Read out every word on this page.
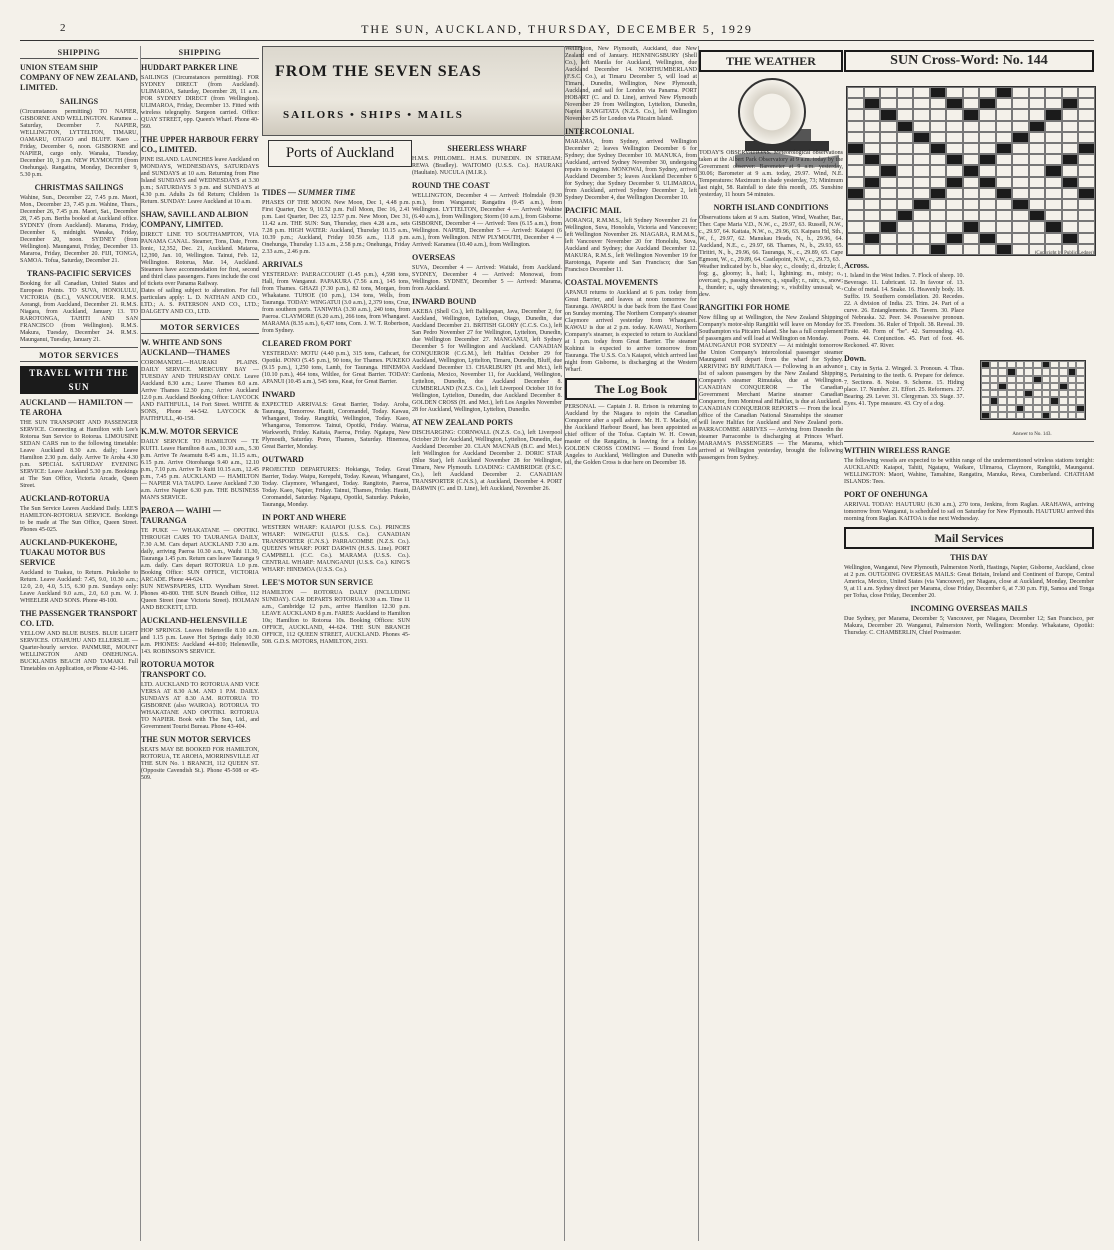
2	THE SUN, AUCKLAND, THURSDAY, DECEMBER 5, 1929
SHIPPING
UNION STEAM SHIP COMPANY OF NEW ZEALAND, LIMITED.
SAILINGS
(Circumstances permitting) TO NAPIER, GISBORNE AND WELLINGTON. Karamea ... Saturday, December 7. NAPIER, WELLINGTON, LYTTELTON, TIMARU, OAMARU, OTAGO and BLUFF. Kaeo ... Friday, December 6, noon. GISBORNE and NAPIER, cargo only. Wanaka, Tuesday, December 10, 3 p.m. NEW PLYMOUTH (from Onehunga). Rangatira, Monday, December 9, 5.30 p.m.
CHRISTMAS SAILINGS
Wahine, Sun., December 22, 7.45 p.m. Maori, Mon., December 23, 7.45 p.m. Wahine, Thurs., December 26, 7.45 p.m. Maori, Sat., December 28, 7.45 p.m. Berths booked at Auckland office. SYDNEY (from Auckland). Marama, Friday, December 6, midnight. Wanaka, Friday, December 20, noon. SYDNEY (from Wellington). Maunganui, Friday, December 13. Mararoa, Friday, December 20. FIJI, TONGA, SAMOA. Tofua, Saturday, December 21.
TRANS-PACIFIC SERVICES
Booking for all Canadian, United States and European Points. TO SUVA, HONOLULU, VICTORIA (B.C.), VANCOUVER. R.M.S. Aorangi, from Auckland, December 21. R.M.S. Niagara, from Auckland, January 13. TO RAROTONGA, TAHITI AND SAN FRANCISCO (from Wellington). R.M.S. Makura, Tuesday, December 24. R.M.S. Maunganui, Tuesday, January 21.
MOTOR SERVICES
TRAVEL WITH THE SUN
AUCKLAND — HAMILTON — TE AROHA
THE SUN TRANSPORT AND PASSENGER SERVICE. Connecting at Hamilton with Lee's Rotorua Sun Service to Rotorua. LIMOUSINE SEDAN CARS run to the following timetable: Leave Auckland 8.30 a.m. daily; Leave Hamilton 2.30 p.m. daily. Arrive Te Aroha 4.30 p.m. SPECIAL SATURDAY EVENING SERVICE: Leave Auckland 5.30 p.m. Bookings at The Sun Office, Victoria Arcade, Queen Street.
AUCKLAND-ROTORUA
The Sun Service Leaves Auckland Daily. LEE'S HAMILTON-ROTORUA SERVICE. Bookings to be made at The Sun Office, Queen Street. Phones 45-025.
AUCKLAND-PUKEKOHE, TUAKAU MOTOR BUS SERVICE
Auckland to Tuakau, to Return. Pukekohe to Return. Leave Auckland: 7.45, 9.0, 10.30 a.m.; 12.0, 2.0, 4.0, 5.15, 6.30 p.m. Sundays only: Leave Auckland 9.0 a.m., 2.0, 6.0 p.m. W. J. WHEELER AND SONS. Phone 48-100.
THE PASSENGER TRANSPORT CO. LTD.
YELLOW AND BLUE BUSES. BLUE LIGHT SERVICES. OTAHUHU AND ELLERSLIE — Quarter-hourly service. PANMURE, MOUNT WELLINGTON AND ONEHUNGA. BUCKLANDS BEACH AND TAMAKI. Full Timetables on Application, or Phone 42-146.
SHIPPING
HUDDART PARKER LINE
SAILINGS (Circumstances permitting). FOR SYDNEY DIRECT (from Auckland). ULIMAROA, Saturday, December 28, 11 a.m. FOR SYDNEY DIRECT (from Wellington). ULIMAROA, Friday, December 13. Fitted with wireless telegraphy. Surgeon carried. Office: QUAY STREET, opp. Queen's Wharf. Phone 40-560.
THE UPPER HARBOUR FERRY CO., LIMITED.
PINE ISLAND. LAUNCHES leave Auckland on MONDAYS, WEDNESDAYS, SATURDAYS and SUNDAYS at 10 a.m. Returning from Pine Island SUNDAYS and WEDNESDAYS at 3.30 p.m.; SATURDAYS 3 p.m. and SUNDAYS at 4.30 p.m. Adults 2s 6d Return; Children 1s Return. SUNDAY: Leave Auckland at 10 a.m.
SHAW, SAVILL AND ALBION COMPANY, LIMITED.
DIRECT LINE TO SOUTHAMPTON, VIA PANAMA CANAL. Steamer, Tons, Date, From. Ionic, 12,352, Dec. 21, Auckland. Mataroa, 12,390, Jan. 10, Wellington. Tainui, Feb. 12, Wellington. Rotorua, Mar. 14, Auckland. Steamers have accommodation for first, second and third class passengers. Fares include the cost of tickets over Panama Railway.
Dates of sailing subject to alteration. For full particulars apply: L. D. NATHAN AND CO., LTD.; A. S. PATERSON AND CO., LTD.; DALGETY AND CO., LTD.
MOTOR SERVICES
W. WHITE AND SONS AUCKLAND—THAMES
COROMANDEL—HAURAKI PLAINS. DAILY SERVICE. MERCURY BAY — TUESDAY AND THURSDAY ONLY. Leave Auckland 8.30 a.m.; Leave Thames 8.0 a.m. Arrive Thames 12.30 p.m.; Arrive Auckland 12.0 p.m. Auckland Booking Office: LAYCOCK AND FAITHFULL, 14 Fort Street. WHITE & SONS, Phone 44-542. LAYCOCK & FAITHFULL, 40-158.
K.M.W. MOTOR SERVICE
DAILY SERVICE TO HAMILTON — TE KUITI. Leave Hamilton 8 a.m., 10.30 a.m., 5.30 p.m. Arrive Te Awamutu 8.45 a.m., 11.15 a.m., 6.15 p.m. Arrive Otorohanga 9.40 a.m., 12.10 p.m., 7.10 p.m. Arrive Te Kuiti 10.15 a.m., 12.45 p.m., 7.45 p.m. AUCKLAND — HAMILTON — NAPIER VIA TAUPO. Leave Auckland 7.30 a.m. Arrive Napier 6.30 p.m. THE BUSINESS MAN'S SERVICE.
PAEROA — WAIHI — TAURANGA
TE PUKE — WHAKATANE — OPOTIKI. THROUGH CARS TO TAURANGA DAILY, 7.30 A.M. Cars depart AUCKLAND 7.30 a.m. daily, arriving Paeroa 10.30 a.m., Waihi 11.30, Tauranga 1.45 p.m. Return cars leave Tauranga 9 a.m. daily. Cars depart ROTORUA 1.0 p.m. Booking Office: SUN OFFICE, VICTORIA ARCADE. Phone 44-624.
SUN NEWSPAPERS, LTD. Wyndham Street. Phones 40-800. THE SUN Branch Office, 112 Queen Street (near Victoria Street). HOLMAN AND BECKETT, LTD.
AUCKLAND-HELENSVILLE
HOP SPRINGS. Leaves Helensville 8.10 a.m. and 1.15 p.m. Leave Hot Springs daily 10.30 a.m. PHONES: Auckland 44-810; Helensville, 143. ROBINSON'S SERVICE.
ROTORUA MOTOR TRANSPORT CO.
LTD. AUCKLAND TO ROTORUA AND VICE VERSA AT 8.30 A.M. AND 1 P.M. DAILY. SUNDAYS AT 8.30 A.M. ROTORUA TO GISBORNE (also WAIROA). ROTORUA TO WHAKATANE AND OPOTIKI. ROTORUA TO NAPIER. Book with The Sun, Ltd., and Government Tourist Bureau. Phone 43-404.
THE SUN MOTOR SERVICES
SEATS MAY BE BOOKED FOR HAMILTON, ROTORUA, TE AROHA, MORRINSVILLE AT THE SUN No. 1 BRANCH, 112 QUEEN ST. (Opposite Cavendish St.). Phone 45-508 or 45-509.
FROM THE SEVEN SEAS
SAILORS • SHIPS • MAILS
TIDES — SUMMER TIME
PHASES OF THE MOON. New Moon, Dec 1, 4.48 p.m. First Quarter, Dec 9, 10.52 p.m. Full Moon, Dec 16, 2.41 p.m. Last Quarter, Dec 23, 12.57 p.m. New Moon, Dec 31, 11.42 a.m. THE SUN: Sun, Thursday, rises 4.28 a.m., sets 7.28 p.m. HIGH WATER: Auckland, Thursday 10.15 a.m., 10.39 p.m.; Auckland, Friday 10.56 a.m., 11.8 p.m. Onehunga, Thursday 1.13 a.m., 2.58 p.m.; Onehunga, Friday 2.33 a.m., 2.46 p.m.
ARRIVALS
YESTERDAY: PAERACCOURT (1.45 p.m.), 4,598 tons, Hall, from Wanganui. PAPAKURA (7.56 a.m.), 145 tons, from Thames. GHAZI (7.30 p.m.), 82 tons, Morgan, from Whakatane. TUHOE (10 p.m.), 134 tons, Wells, from Tauranga. TODAY: WINGATUI (3.0 a.m.), 2,379 tons, Cruz, from southern ports. TANIWHA (3.30 a.m.), 240 tons, from Paeroa. CLAYMORE (6.20 a.m.), 266 tons, from Whangarei. MARAMA (8.35 a.m.), 6,437 tons, Com. J. W. T. Robertson, from Sydney.
CLEARED FROM PORT
YESTERDAY: MOTU (4.40 p.m.), 315 tons, Cathcart, for Opotiki. PONO (5.45 p.m.), 90 tons, for Thames. PUKEKO (9.15 p.m.), 1,250 tons, Lamb, for Tauranga. HINEMOA (10.10 p.m.), 464 tons, Wiltlee, for Great Barrier. TODAY: APANUI (10.45 a.m.), 545 tons, Keat, for Great Barrier.
INWARD
EXPECTED ARRIVALS: Great Barrier, Today. Aroha, Tauranga, Tomorrow. Hauiti, Coromandel, Today. Kawau, Whangarei, Today. Rangitiki, Wellington, Today. Kaeo, Whangaroa, Tomorrow. Tainui, Opotiki, Friday. Wairua, Warkworth, Friday. Kaitaia, Paeroa, Friday. Ngatapu, New Plymouth, Saturday. Pono, Thames, Saturday. Hinemoa, Great Barrier, Monday.
OUTWARD
PROJECTED DEPARTURES: Hokianga, Today. Great Barrier, Today. Waipu, Kerepehi, Today. Kawau, Whangarei, Today. Claymore, Whangarei, Today. Rangitoto, Paeroa, Today. Kaeo, Napier, Friday. Tainui, Thames, Friday. Hauiti, Coromandel, Saturday. Ngatapu, Opotiki, Saturday. Pukeko, Tauranga, Monday.
IN PORT AND WHERE
WESTERN WHARF: KAIAPOI (U.S.S. Co.). PRINCES WHARF: WINGATUI (U.S.S. Co.). CANADIAN TRANSPORTER (C.N.S.). PARRACOMBE (N.Z.S. Co.). QUEEN'S WHARF: PORT DARWIN (H.S.S. Line). PORT CAMPBELL (C.C. Co.). MARAMA (U.S.S. Co.). CENTRAL WHARF: MAUNGANUI (U.S.S. Co.). KING'S WHARF: HINEMOA (U.S.S. Co.).
LEE'S MOTOR SUN SERVICE
HAMILTON — ROTORUA DAILY (INCLUDING SUNDAY). CAR DEPARTS ROTORUA 9.30 a.m. Time 11 a.m., Cambridge 12 p.m., arrive Hamilton 12.30 p.m. LEAVE AUCKLAND 8 p.m. FARES: Auckland to Hamilton 10s; Hamilton to Rotorua 10s. Booking Offices: SUN OFFICE, AUCKLAND, 44-624. THE SUN BRANCH OFFICE, 112 QUEEN STREET, AUCKLAND. Phones 45-508. G.D.S. MOTORS, HAMILTON, 2193.
Ports of Auckland	SHEERLESS WHARF
H.M.S. PHILOMEL. H.M.S. DUNEDIN. IN STREAM: REWA (Bradley). WAITOMO (U.S.S. Co.). HAURAKI (Haultain). NUCULA (M.I.R.).
ROUND THE COAST
WELLINGTON, December 4 — Arrived: Holmdale (9.30 p.m.), from Wanganui; Rangatira (9.45 a.m.), from Wellington. LYTTELTON, December 4 — Arrived: Wahine (6.40 a.m.), from Wellington; Storm (10 a.m.), from Gisborne. GISBORNE, December 4 — Arrived: Tees (6.15 a.m.), from Wellington. NAPIER, December 5 — Arrived: Kaiapoi (6 a.m.), from Wellington. NEW PLYMOUTH, December 4 — Arrived: Karamea (10.40 a.m.), from Wellington.
OVERSEAS
SUVA, December 4 — Arrived: Waitaki, from Auckland. SYDNEY, December 4 — Arrived: Monowai, from Wellington. SYDNEY, December 5 — Arrived: Marama, from Auckland.
INWARD BOUND
AKEBA (Shell Co.), left Balikpapan, Java, December 2, for Auckland, Wellington, Lyttelton, Otago, Dunedin, due Auckland December 21. BRITISH GLORY (C.C.S. Co.), left San Pedro November 27 for Wellington, Lyttelton, Dunedin, due Wellington December 27. MANGANUI, left Sydney December 5 for Wellington and Auckland. CANADIAN CONQUEROR (C.G.M.), left Halifax October 29 for Auckland, Wellington, Lyttelton, Timaru, Dunedin, Bluff, due Auckland December 13. CHARLBURY (H. and Mct.), left Cardonia, Mexico, November 11, for Auckland, Wellington, Lyttelton, Dunedin, due Auckland December 8. CUMBERLAND (N.Z.S. Co.), left Liverpool October 18 for Wellington, Lyttelton, Dunedin, due Auckland December 8. GOLDEN CROSS (H. and Mct.), left Los Angeles November 28 for Auckland, Wellington, Lyttelton, Dunedin.
AT NEW ZEALAND PORTS
DISCHARGING: CORNWALL (N.Z.S. Co.), left Liverpool October 20 for Auckland, Wellington, Lyttelton, Dunedin, due Auckland December 20. CLAN MACNAB (B.C. and Mct.), left Wellington for Auckland December 2. DORIC STAR (Blue Star), left Auckland November 28 for Wellington, Timaru, New Plymouth. LOADING: CAMBRIDGE (F.S.C. Co.), left Auckland December 2. CANADIAN TRANSPORTER (C.N.S.), at Auckland, December 4. PORT DARWIN (C. and D. Line), left Auckland, November 26.
Wellington, New Plymouth, Auckland, due New Zealand end of January. HENNINGSBURY (Shell Co.), left Manila for Auckland, Wellington, due Auckland December 14. NORTHUMBERLAND (F.S.C. Co.), at Timaru December 5, will load at Timaru, Dunedin, Wellington, New Plymouth, Auckland, and sail for London via Panama. PORT HOBART (C. and D. Line), arrived New Plymouth November 29 from Wellington, Lyttelton, Dunedin, Napier. RANGITATA (N.Z.S. Co.), left Wellington November 25 for London via Pitcairn Island.
INTERCOLONIAL
MARAMA, from Sydney, arrived Wellington December 2; leaves Wellington December 6 for Sydney; due Sydney December 10. MANUKA, from Auckland, arrived Sydney November 30, undergoing repairs to engines. MONOWAI, from Sydney, arrived Auckland December 5; leaves Auckland December 6 for Sydney; due Sydney December 9. ULIMAROA, from Auckland, arrived Sydney December 2, left Sydney December 4, due Wellington December 10.
PACIFIC MAIL
AORANGI, R.M.M.S., left Sydney November 21 for Wellington, Suva, Honolulu, Victoria and Vancouver; left Wellington November 26. NIAGARA, R.M.M.S., left Vancouver November 20 for Honolulu, Suva, Auckland and Sydney; due Auckland December 12. MAKURA, R.M.S., left Wellington November 19 for Rarotonga, Papeete and San Francisco; due San Francisco December 11.
COASTAL MOVEMENTS
APANUI returns to Auckland at 6 p.m. today from Great Barrier, and leaves at noon tomorrow for Tauranga. AWAROU is due back from the East Coast on Sunday morning. The Northern Company's steamer Claymore arrived yesterday from Whangarei. KAWAU is due at 2 p.m. today. KAWAU, Northern Company's steamer, is expected to return to Auckland at 1 p.m. today from Great Barrier. The steamer Kohinui is expected to arrive tomorrow from Tauranga. The U.S.S. Co.'s Kaiapoi, which arrived last night from Gisborne, is discharging at the Western Wharf.
The Log Book
PERSONAL — Captain J. R. Erison is returning to Auckland by the Niagara to rejoin the Canadian Conqueror after a spell ashore. Mr. H. T. Mackie, of the Auckland Harbour Board, has been appointed as chief officer of the Tofua. Captain W. H. Cowan, master of the Rangatira, is leaving for a holiday. GOLDEN CROSS COMING — Bound from Los Angeles to Auckland, Wellington and Dunedin with oil, the Golden Cross is due here on December 18.
THE WEATHER
TODAY'S OBSERVATIONS. Meteorological observations taken at the Albert Park Observatory at 9 a.m. today by the Government observer: Barometer at 9 a.m. yesterday, 30.06; Barometer at 9 a.m. today, 29.97. Wind, N.E. Temperatures: Maximum in shade yesterday, 73; Minimum last night, 58. Rainfall to date this month, .05. Sunshine yesterday, 11 hours 54 minutes.
NORTH ISLAND CONDITIONS
Observations taken at 9 a.m. Station, Wind, Weather, Bar., Ther. Cape Maria V.D., N.W., c., 29.97, 63. Russell, N.W., c., 29.97, 64. Kaitaia, N.W., o., 29.96, 63. Kaipara Hd, Sth., W., f., 29.97, 62. Manukau Heads, N., b., 29.96, 64. Auckland, N.E., c., 29.97, 68. Thames, N., b., 29.93, 65. Tiritiri, N., b., 29.96, 66. Tauranga, N., c., 29.89, 65. Cape Egmont, W., c., 29.89, 64. Castlepoint, N.W., c., 29.73, 63.
Weather indicated by: b., blue sky; c., cloudy; d., drizzle; f., fog; g., gloomy; h., hail; l., lightning; m., misty; o., overcast; p., passing showers; q., squally; r., rain; s., snow; t., thunder; u., ugly threatening; v., visibility unusual; w., dew.
RANGITIKI FOR HOME
Now filling up at Wellington, the New Zealand Shipping Company's motor-ship Rangitiki will leave on Monday for Southampton via Pitcairn Island. She has a full complement of passengers and will load at Wellington on Monday.
MAUNGANUI FOR SYDNEY — At midnight tomorrow the Union Company's intercolonial passenger steamer Maunganui will depart from the wharf for Sydney. ARRIVING BY RIMUTAKA — Following is an advance list of saloon passengers by the New Zealand Shipping Company's steamer Rimutaka, due at Wellington. CANADIAN CONQUEROR — The Canadian Government Merchant Marine steamer Canadian Conqueror, from Montreal and Halifax, is due at Auckland.
CANADIAN CONQUEROR REPORTS — From the local office of the Canadian National Steamships the steamer will leave Halifax for Auckland and New Zealand ports. PARRACOMBE ARRIVES — Arriving from Dunedin the steamer Parracombe is discharging at Princes Wharf. MARAMA'S PASSENGERS — The Marama, which arrived at Wellington yesterday, brought the following passengers from Sydney.
SUN Cross-Word: No. 144
(Copyright by Public Ledger)
Across.
1. Island in the West Indies. 7. Flock of sheep. 10. Beverage. 11. Lubricant. 12. In favour of. 13. Cube of metal. 14. Snake. 16. Heavenly body. 18. Suffix. 19. Southern constellation. 20. Recedes. 22. A division of India. 23. Trim. 24. Part of a curve. 26. Entanglements. 28. Tavern. 30. Place of Nebraska. 32. Peer. 34. Possessive pronoun. 35. Freedom. 36. Ruler of Tripoli. 38. Reveal. 39. Finite. 40. Form of "be". 42. Surrounding. 43. Poem. 44. Conjunction. 45. Part of foot. 46. Reckoned. 47. River.
Down.
1. City in Syria. 2. Winged. 3. Pronoun. 4. Thus. 5. Pertaining to the teeth. 6. Prepare for defence. 7. Sections. 8. Noise. 9. Scheme. 15. Hiding place. 17. Number. 21. Effort. 25. Reformers. 27. Bearing. 29. Lever. 31. Clergyman. 33. Stage. 37. Eyes. 41. Type measure. 43. Cry of a dog.
Answer to No. 143.
WITHIN WIRELESS RANGE
The following vessels are expected to be within range of the undermentioned wireless stations tonight: AUCKLAND: Kaiapoi, Tahiti, Ngatapu, Waikare, Ulimaroa, Claymore, Rangitiki, Maunganui. WELLINGTON: Maori, Wahine, Tamahine, Rangatira, Manuka, Rewa, Cumberland. CHATHAM ISLANDS: Tees.
PORT OF ONEHUNGA
ARRIVAL TODAY: HAUTURU (6.30 a.m.), 270 tons, Jenkins, from Raglan. ARAHAWA, arriving tomorrow from Wanganui, is scheduled to sail on Saturday for New Plymouth. HAUTURU arrived this morning from Raglan. KAITOA is due next Wednesday.
Mail Services
THIS DAY
Wellington, Wanganui, New Plymouth, Palmerston North, Hastings, Napier, Gisborne, Auckland, close at 2 p.m. OUTGOING OVERSEAS MAILS: Great Britain, Ireland and Continent of Europe, Central America, Mexico, United States (via Vancouver), per Niagara, close at Auckland, Monday, December 9, at 11 a.m. Sydney direct per Marama, close Friday, December 6, at 7.30 p.m. Fiji, Samoa and Tonga per Tofua, close Friday, December 20.
INCOMING OVERSEAS MAILS
Due Sydney, per Marama, December 5; Vancouver, per Niagara, December 12; San Francisco, per Makura, December 20. Wanganui, Palmerston North, Wellington: Monday. Whakatane, Opotiki: Thursday. C. CHAMBERLIN, Chief Postmaster.
